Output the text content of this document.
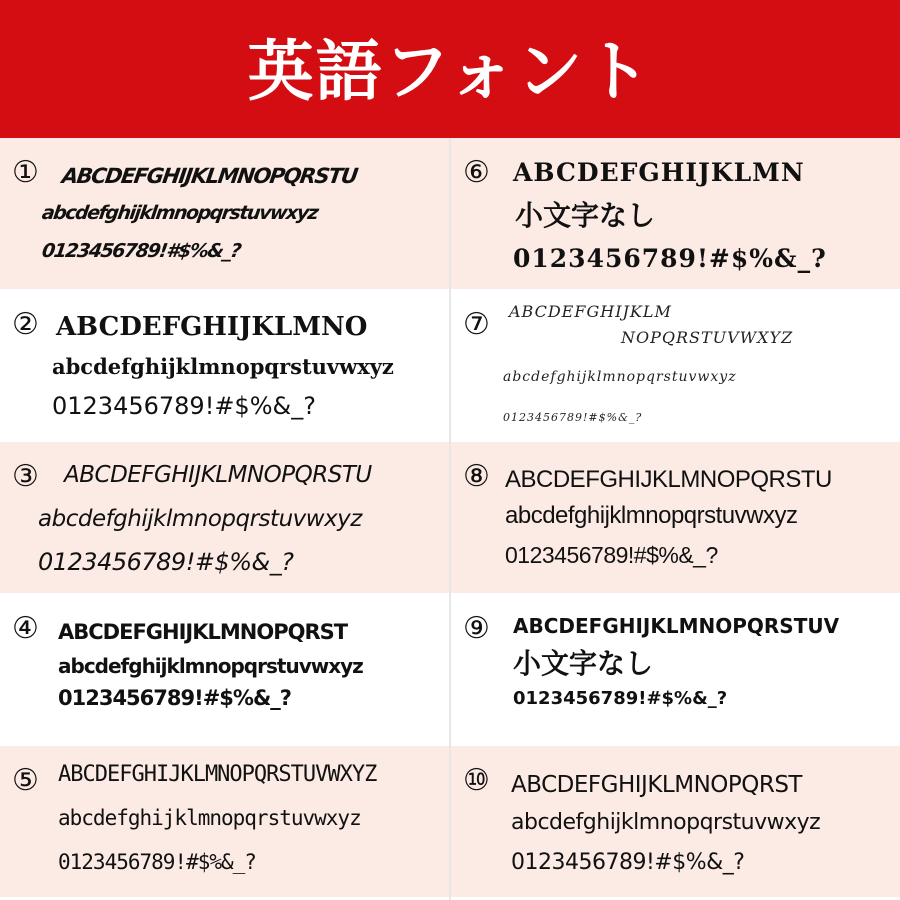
英語フォント
① ABCDEFGHIJKLMNOPQRSTU
abcdefghijklmnopqrstuvwxyz
0123456789!#$%&_?
② ABCDEFGHIJKLMNO
abcdefghijklmnopqrstuvwxyz
0123456789!#$%&_?
③ ABCDEFGHIJKLMNOPQRSTU
abcdefghijklmnopqrstuvwxyz
0123456789!#$%&_?
④ ABCDEFGHIJKLMNOPQRST
abcdefghijklmnopqrstuvwxyz
0123456789!#$%&_?
⑤ ABCDEFGHIJKLMNOPQRSTUVWXYZ
abcdefghijklmnopqrstuvwxyz
0123456789!#$%&_?
⑥ ABCDEFGHIJKLMN
小文字なし
0123456789!#$%&_?
⑦ ABCDEFGHIJKLM
NOPQRSTUVWXYZ
abcdefghijklmnopqrstuvwxyz
0123456789!#$%&_?
⑧ ABCDEFGHIJKLMNOPQRSTU
abcdefghijklmnopqrstuvwxyz
0123456789!#$%&_?
⑨ ABCDEFGHIJKLMNOPQRSTUV
小文字なし
0123456789!#$%&_?
⑩ ABCDEFGHIJKLMNOPQRST
abcdefghijklmnopqrstuvwxyz
0123456789!#$%&_?
